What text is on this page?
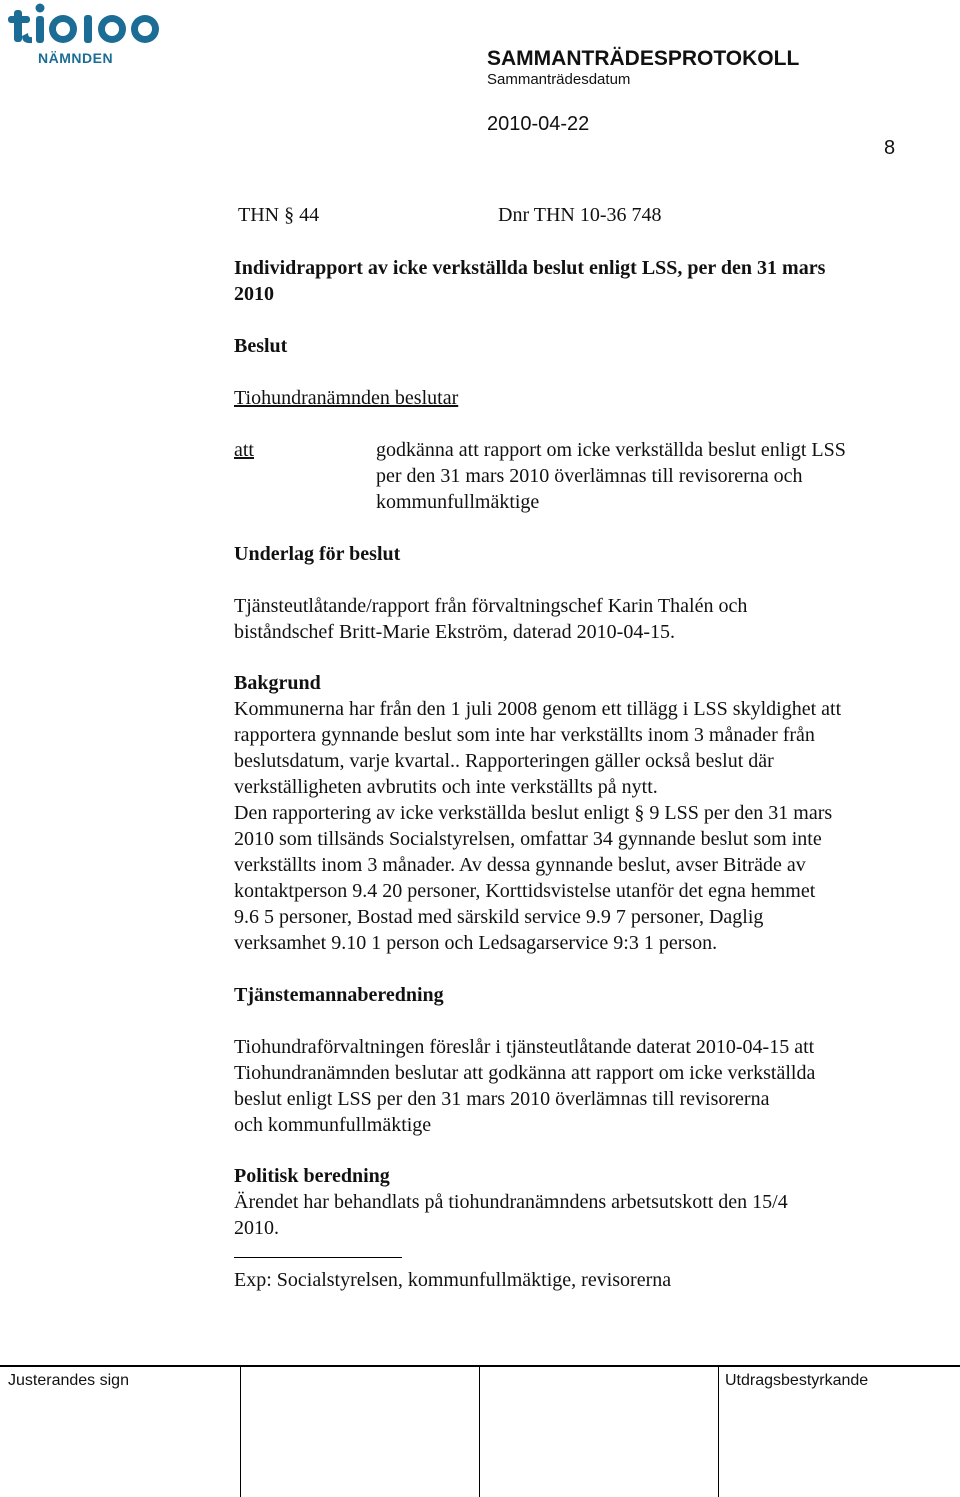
NÄMNDEN	SAMMANTRÄDESPROTOKOLL
Sammanträdesdatum
2010-04-22
8
THN § 44	Dnr THN 10-36 748
Individrapport av icke verkställda beslut enligt LSS, per den 31 mars
2010
Beslut
Tiohundranämnden beslutar
att	godkänna att rapport om icke verkställda beslut enligt LSS
per den 31 mars 2010 överlämnas till revisorerna och
kommunfullmäktige
Underlag för beslut
Tjänsteutlåtande/rapport från förvaltningschef Karin Thalén och
biståndschef Britt-Marie Ekström, daterad 2010-04-15.
Bakgrund
Kommunerna har från den 1 juli 2008 genom ett tillägg i LSS skyldighet att
rapportera gynnande beslut som inte har verkställts inom 3 månader från
beslutsdatum, varje kvartal.. Rapporteringen gäller också beslut där
verkställigheten avbrutits och inte verkställts på nytt.
Den rapportering av icke verkställda beslut enligt § 9 LSS per den 31 mars
2010 som tillsänds Socialstyrelsen, omfattar 34 gynnande beslut som inte
verkställts inom 3 månader. Av dessa gynnande beslut, avser Biträde av
kontaktperson 9.4 20 personer, Korttidsvistelse utanför det egna hemmet
9.6 5 personer, Bostad med särskild service 9.9 7 personer, Daglig
verksamhet 9.10 1 person och Ledsagarservice 9:3 1 person.
Tjänstemannaberedning
Tiohundraförvaltningen föreslår i tjänsteutlåtande daterat 2010-04-15 att
Tiohundranämnden beslutar att godkänna att rapport om icke verkställda
beslut enligt LSS per den 31 mars 2010 överlämnas till revisorerna
och kommunfullmäktige
Politisk beredning
Ärendet har behandlats på tiohundranämndens arbetsutskott den 15/4
2010.
Exp: Socialstyrelsen, kommunfullmäktige, revisorerna
Justerandes sign	Utdragsbestyrkande
